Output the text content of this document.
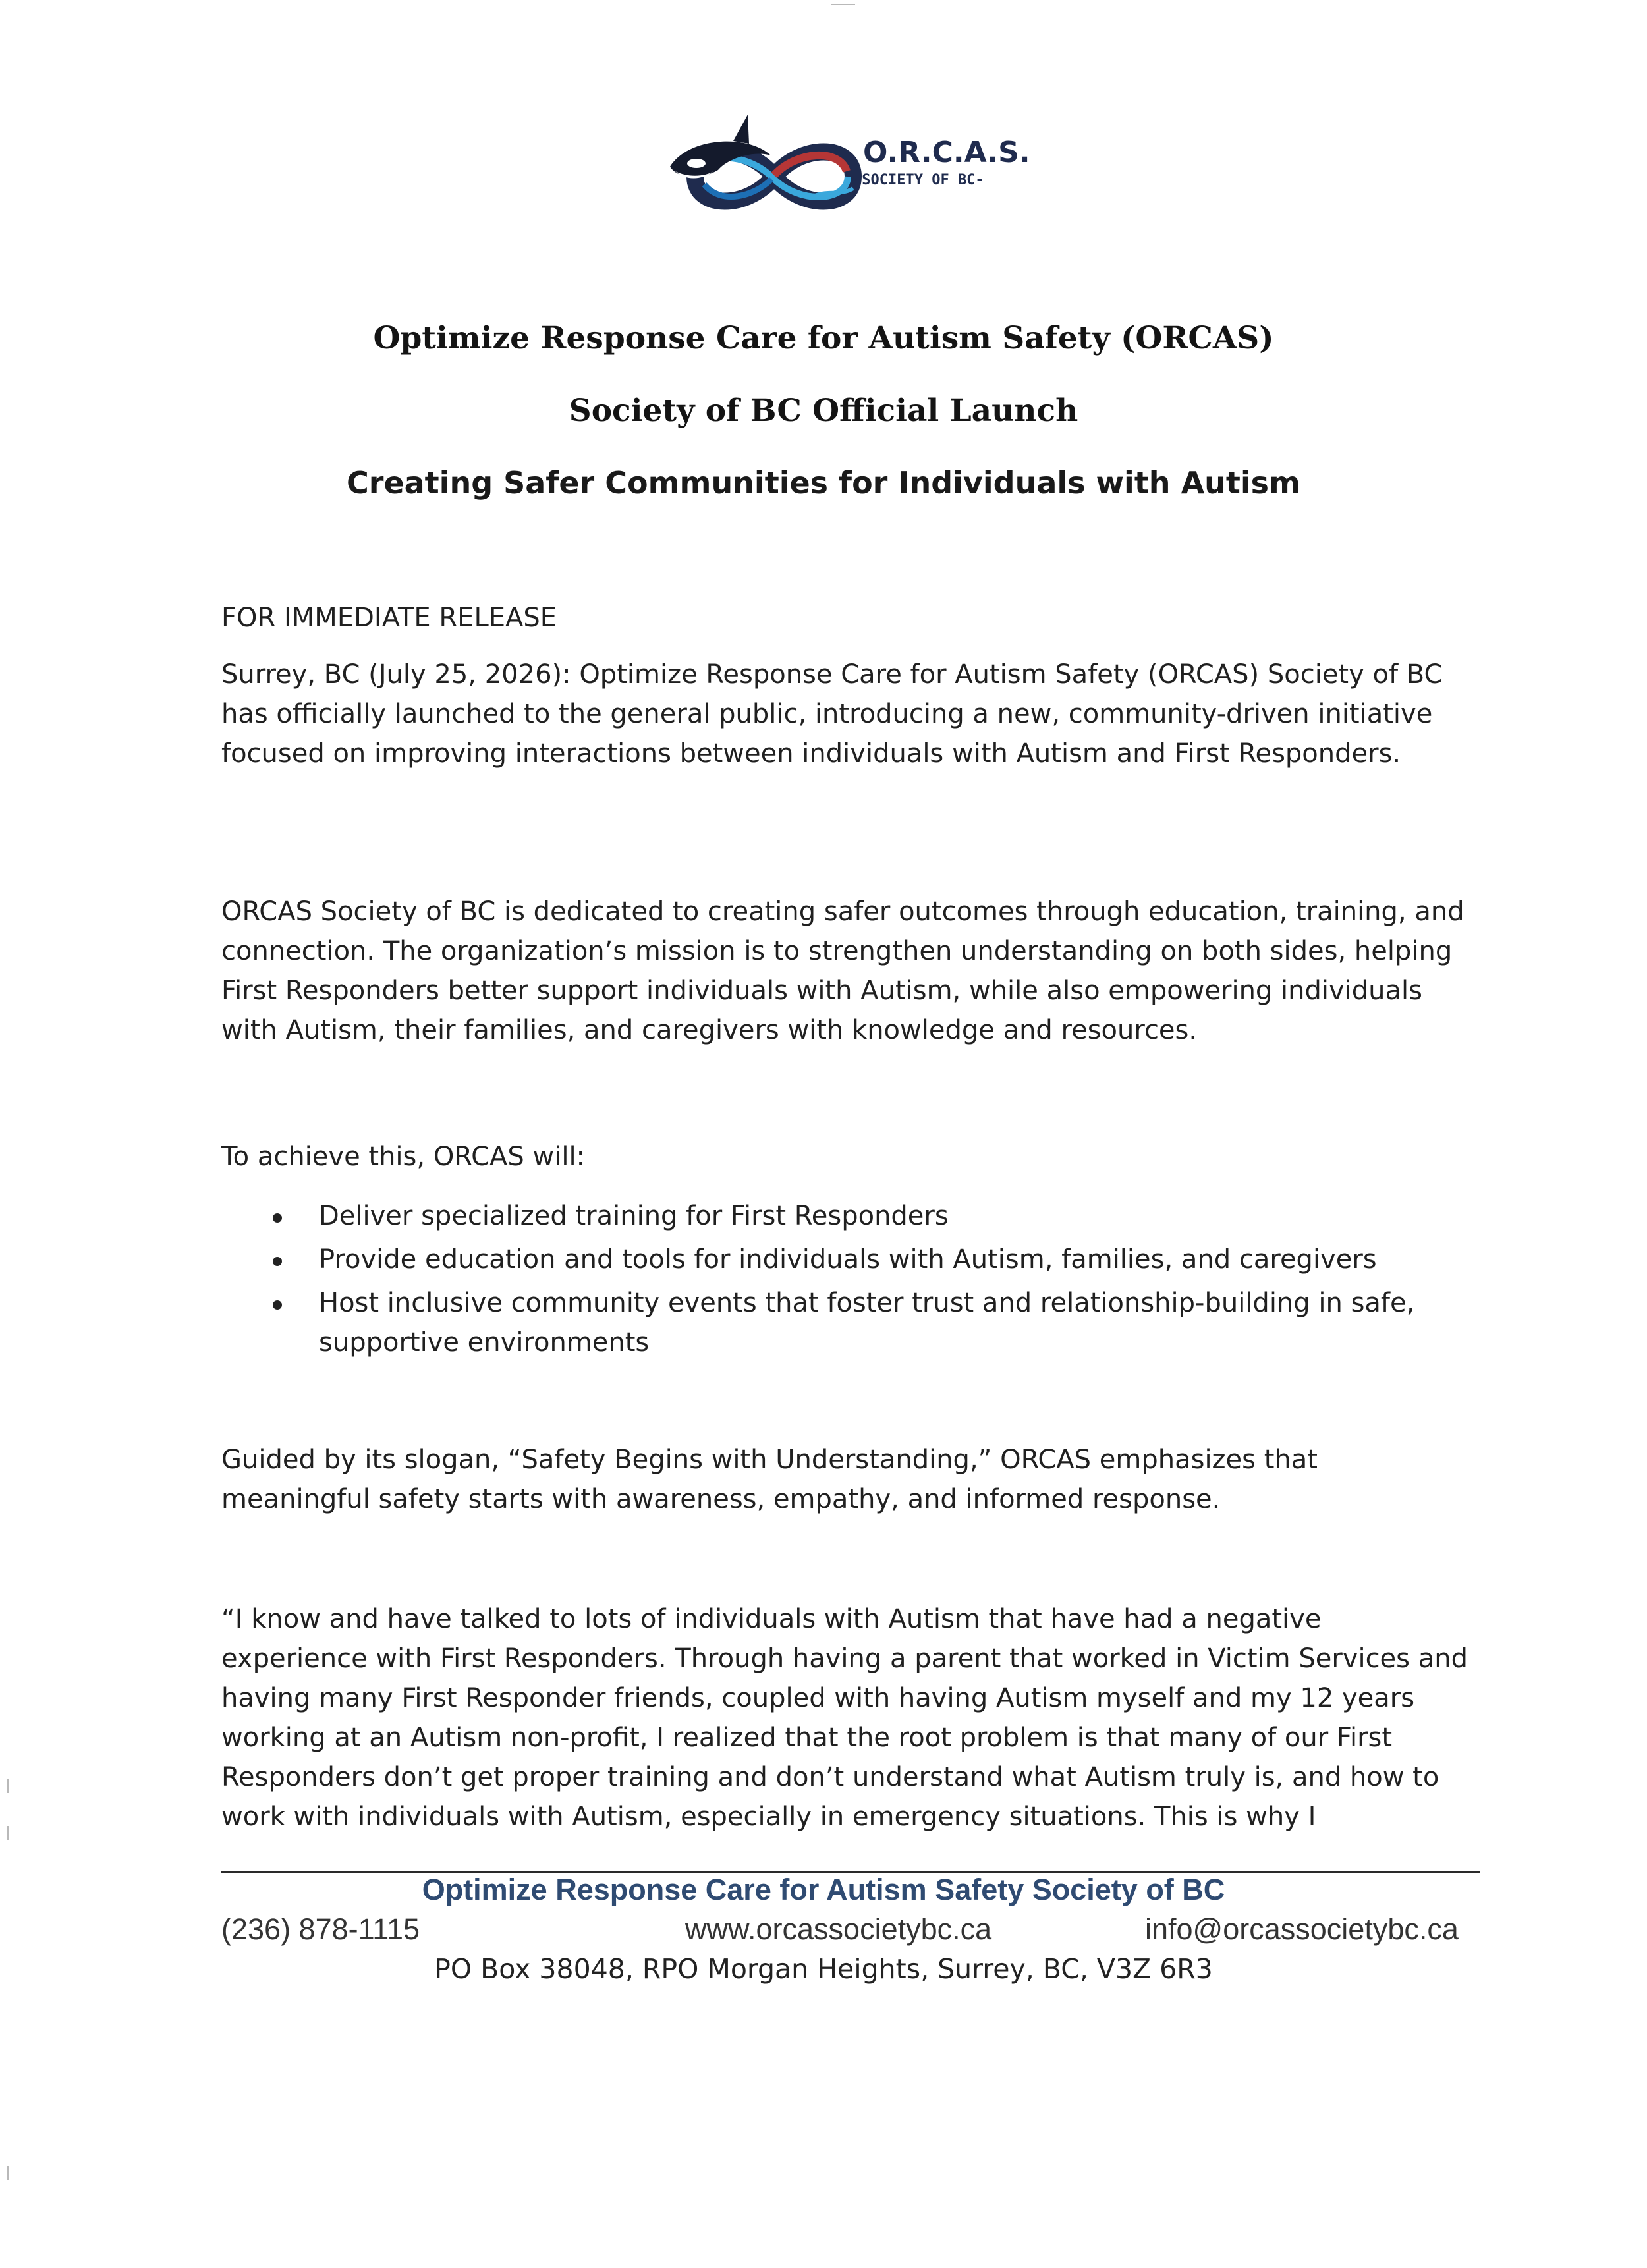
O.R.C.A.S.
-SOCIETY OF BC-
Optimize Response Care for Autism Safety (ORCAS)
Society of BC Official Launch
Creating Safer Communities for Individuals with Autism

FOR IMMEDIATE RELEASE

Surrey, BC (July 25, 2026): Optimize Response Care for Autism Safety (ORCAS) Society of BC has officially launched to the general public, introducing a new, community-driven initiative focused on improving interactions between individuals with Autism and First Responders.

ORCAS Society of BC is dedicated to creating safer outcomes through education, training, and connection. The organization’s mission is to strengthen understanding on both sides, helping First Responders better support individuals with Autism, while also empowering individuals with Autism, their families, and caregivers with knowledge and resources.

To achieve this, ORCAS will:

Deliver specialized training for First Responders
Provide education and tools for individuals with Autism, families, and caregivers
Host inclusive community events that foster trust and relationship-building in safe, supportive environments

Guided by its slogan, “Safety Begins with Understanding,” ORCAS emphasizes that meaningful safety starts with awareness, empathy, and informed response.

“I know and have talked to lots of individuals with Autism that have had a negative experience with First Responders. Through having a parent that worked in Victim Services and having many First Responder friends, coupled with having Autism myself and my 12 years working at an Autism non-profit, I realized that the root problem is that many of our First Responders don’t get proper training and don’t understand what Autism truly is, and how to work with individuals with Autism, especially in emergency situations. This is why I

Optimize Response Care for Autism Safety Society of BC
(236) 878-1115	www.orcassocietybc.ca	info@orcassocietybc.ca
PO Box 38048, RPO Morgan Heights, Surrey, BC, V3Z 6R3
